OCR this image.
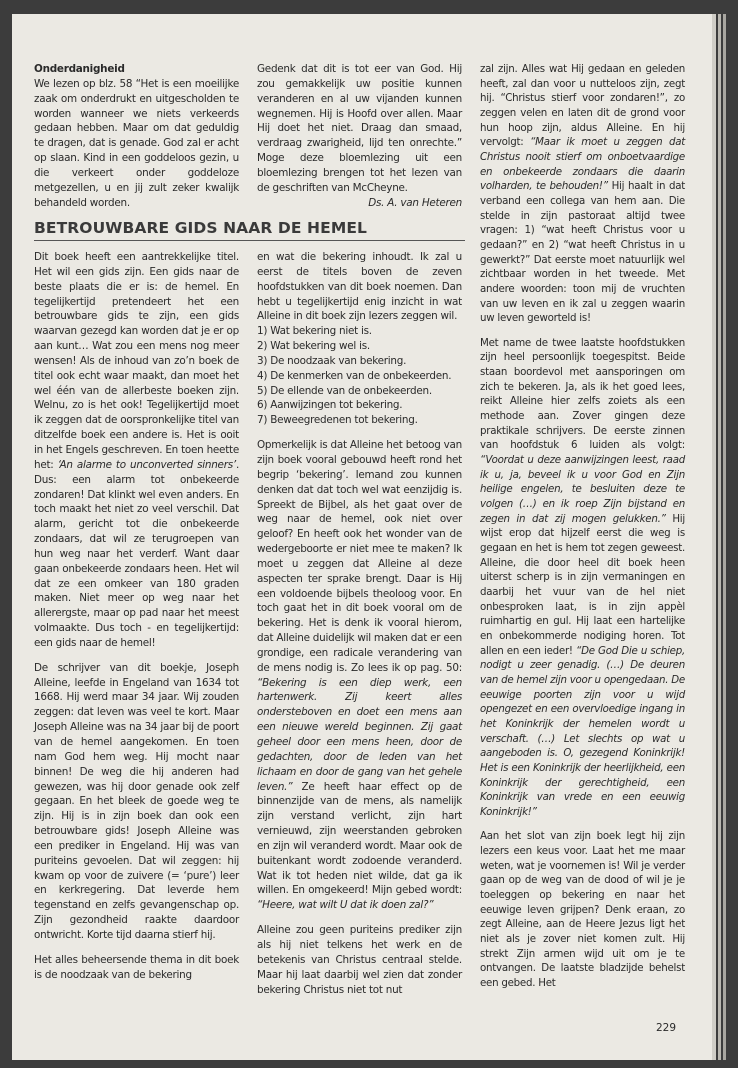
Onderdanigheid
We lezen op blz. 58 “Het is een moeilijke zaak om onderdrukt en uitgescholden te worden wanneer we niets verkeerds gedaan hebben. Maar om dat geduldig te dragen, dat is genade. God zal er acht op slaan. Kind in een goddeloos gezin, u die verkeert onder goddeloze metgezellen, u en jij zult zeker kwalijk behandeld worden.

Gedenk dat dit is tot eer van God. Hij zou gemakkelijk uw positie kunnen veranderen en al uw vijanden kunnen wegnemen. Hij is Hoofd over allen. Maar Hij doet het niet. Draag dan smaad, verdraag zwarigheid, lijd ten onrechte.” Moge deze bloemlezing uit een bloemlezing brengen tot het lezen van de geschriften van McCheyne.
Ds. A. van Heteren

BETROUWBARE GIDS NAAR DE HEMEL

Dit boek heeft een aantrekkelijke titel. Het wil een gids zijn. Een gids naar de beste plaats die er is: de hemel. En tegelijkertijd pretendeert het een betrouwbare gids te zijn, een gids waarvan gezegd kan worden dat je er op aan kunt… Wat zou een mens nog meer wensen! Als de inhoud van zo’n boek de titel ook echt waar maakt, dan moet het wel één van de allerbeste boeken zijn. Welnu, zo is het ook! Tegelijkertijd moet ik zeggen dat de oorspronkelijke titel van ditzelfde boek een andere is. Het is ooit in het Engels geschreven. En toen heette het: ‘An alarme to unconverted sinners’. Dus: een alarm tot onbekeerde zondaren! Dat klinkt wel even anders. En toch maakt het niet zo veel verschil. Dat alarm, gericht tot die onbekeerde zondaars, dat wil ze terugroepen van hun weg naar het verderf. Want daar gaan onbekeerde zondaars heen. Het wil dat ze een omkeer van 180 graden maken. Niet meer op weg naar het allerergste, maar op pad naar het meest volmaakte. Dus toch - en tegelijkertijd: een gids naar de hemel!

De schrijver van dit boekje, Joseph Alleine, leefde in Engeland van 1634 tot 1668. Hij werd maar 34 jaar. Wij zouden zeggen: dat leven was veel te kort. Maar Joseph Alleine was na 34 jaar bij de poort van de hemel aangekomen. En toen nam God hem weg. Hij mocht naar binnen! De weg die hij anderen had gewezen, was hij door genade ook zelf gegaan. En het bleek de goede weg te zijn. Hij is in zijn boek dan ook een betrouwbare gids! Joseph Alleine was een prediker in Engeland. Hij was van puriteins gevoelen. Dat wil zeggen: hij kwam op voor de zuivere (= ‘pure’) leer en kerkregering. Dat leverde hem tegenstand en zelfs gevangenschap op. Zijn gezondheid raakte daardoor ontwricht. Korte tijd daarna stierf hij.

Het alles beheersende thema in dit boek is de noodzaak van de bekering

en wat die bekering inhoudt. Ik zal u eerst de titels boven de zeven hoofdstukken van dit boek noemen. Dan hebt u tegelijkertijd enig inzicht in wat Alleine in dit boek zijn lezers zeggen wil.

1) Wat bekering niet is.
2) Wat bekering wel is.
3) De noodzaak van bekering.
4) De kenmerken van de onbekeerden.
5) De ellende van de onbekeerden.
6) Aanwijzingen tot bekering.
7) Beweegredenen tot bekering.

Opmerkelijk is dat Alleine het betoog van zijn boek vooral gebouwd heeft rond het begrip ‘bekering’. Iemand zou kunnen denken dat dat toch wel wat eenzijdig is. Spreekt de Bijbel, als het gaat over de weg naar de hemel, ook niet over geloof? En heeft ook het wonder van de wedergeboorte er niet mee te maken? Ik moet u zeggen dat Alleine al deze aspecten ter sprake brengt. Daar is Hij een voldoende bijbels theoloog voor. En toch gaat het in dit boek vooral om de bekering. Het is denk ik vooral hierom, dat Alleine duidelijk wil maken dat er een grondige, een radicale verandering van de mens nodig is. Zo lees ik op pag. 50: “Bekering is een diep werk, een hartenwerk. Zij keert alles ondersteboven en doet een mens aan een nieuwe wereld beginnen. Zij gaat geheel door een mens heen, door de gedachten, door de leden van het lichaam en door de gang van het gehele leven.” Ze heeft haar effect op de binnenzijde van de mens, als namelijk zijn verstand verlicht, zijn hart vernieuwd, zijn weerstanden gebroken en zijn wil veranderd wordt. Maar ook de buitenkant wordt zodoende veranderd. Wat ik tot heden niet wilde, dat ga ik willen. En omgekeerd! Mijn gebed wordt: “Heere, wat wilt U dat ik doen zal?”

Alleine zou geen puriteins prediker zijn als hij niet telkens het werk en de betekenis van Christus centraal stelde. Maar hij laat daarbij wel zien dat zonder bekering Christus niet tot nut

zal zijn. Alles wat Hij gedaan en geleden heeft, zal dan voor u nutteloos zijn, zegt hij. “Christus stierf voor zondaren!”, zo zeggen velen en laten dit de grond voor hun hoop zijn, aldus Alleine. En hij vervolgt: “Maar ik moet u zeggen dat Christus nooit stierf om onboetvaardige en onbekeerde zondaars die daarin volharden, te behouden!” Hij haalt in dat verband een collega van hem aan. Die stelde in zijn pastoraat altijd twee vragen: 1) “wat heeft Christus voor u gedaan?” en 2) “wat heeft Christus in u gewerkt?” Dat eerste moet natuurlijk wel zichtbaar worden in het tweede. Met andere woorden: toon mij de vruchten van uw leven en ik zal u zeggen waarin uw leven geworteld is!

Met name de twee laatste hoofdstukken zijn heel persoonlijk toegespitst. Beide staan boordevol met aansporingen om zich te bekeren. Ja, als ik het goed lees, reikt Alleine hier zelfs zoiets als een methode aan. Zover gingen deze praktikale schrijvers. De eerste zinnen van hoofdstuk 6 luiden als volgt: “Voordat u deze aanwijzingen leest, raad ik u, ja, beveel ik u voor God en Zijn heilige engelen, te besluiten deze te volgen (…) en ik roep Zijn bijstand en zegen in dat zij mogen gelukken.” Hij wijst erop dat hijzelf eerst die weg is gegaan en het is hem tot zegen geweest. Alleine, die door heel dit boek heen uiterst scherp is in zijn vermaningen en daarbij het vuur van de hel niet onbesproken laat, is in zijn appèl ruimhartig en gul. Hij laat een hartelijke en onbekommerde nodiging horen. Tot allen en een ieder! “De God Die u schiep, nodigt u zeer genadig. (…) De deuren van de hemel zijn voor u opengedaan. De eeuwige poorten zijn voor u wijd opengezet en een overvloedige ingang in het Koninkrijk der hemelen wordt u verschaft. (…) Let slechts op wat u aangeboden is. O, gezegend Koninkrijk! Het is een Koninkrijk der heerlijkheid, een Koninkrijk der gerechtigheid, een Koninkrijk van vrede en een eeuwig Koninkrijk!”

Aan het slot van zijn boek legt hij zijn lezers een keus voor. Laat het me maar weten, wat je voornemen is! Wil je verder gaan op de weg van de dood of wil je je toeleggen op bekering en naar het eeuwige leven grijpen? Denk eraan, zo zegt Alleine, aan de Heere Jezus ligt het niet als je zover niet komen zult. Hij strekt Zijn armen wijd uit om je te ontvangen. De laatste bladzijde behelst een gebed. Het

229
